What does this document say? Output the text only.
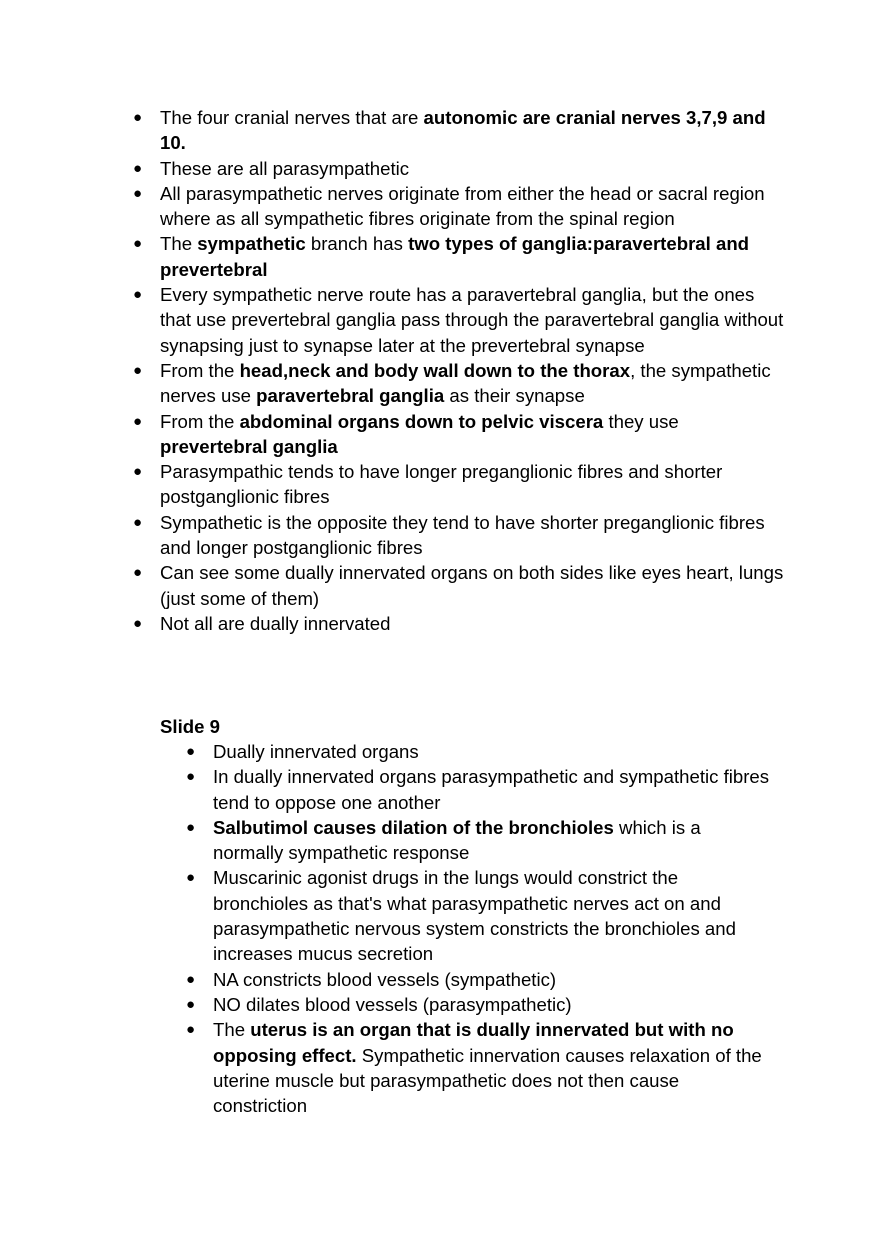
● The four cranial nerves that are autonomic are cranial nerves 3,7,9 and 10.
● These are all parasympathetic
● All parasympathetic nerves originate from either the head or sacral region where as all sympathetic fibres originate from the spinal region
● The sympathetic branch has two types of ganglia:paravertebral and prevertebral
● Every sympathetic nerve route has a paravertebral ganglia, but the ones that use prevertebral ganglia pass through the paravertebral ganglia without synapsing just to synapse later at the prevertebral synapse
● From the head,neck and body wall down to the thorax, the sympathetic nerves use paravertebral ganglia as their synapse
● From the abdominal organs down to pelvic viscera they use prevertebral ganglia
● Parasympathic tends to have longer preganglionic fibres and shorter postganglionic fibres
● Sympathetic is the opposite they tend to have shorter preganglionic fibres and longer postganglionic fibres
● Can see some dually innervated organs on both sides like eyes heart, lungs (just some of them)
● Not all are dually innervated
Slide 9
● Dually innervated organs
● In dually innervated organs parasympathetic and sympathetic fibres tend to oppose one another
● Salbutimol causes dilation of the bronchioles which is a normally sympathetic response
● Muscarinic agonist drugs in the lungs would constrict the bronchioles as that's what parasympathetic nerves act on and parasympathetic nervous system constricts the bronchioles and increases mucus secretion
● NA constricts blood vessels (sympathetic)
● NO dilates blood vessels (parasympathetic)
● The uterus is an organ that is dually innervated but with no opposing effect. Sympathetic innervation causes relaxation of the uterine muscle but parasympathetic does not then cause constriction
